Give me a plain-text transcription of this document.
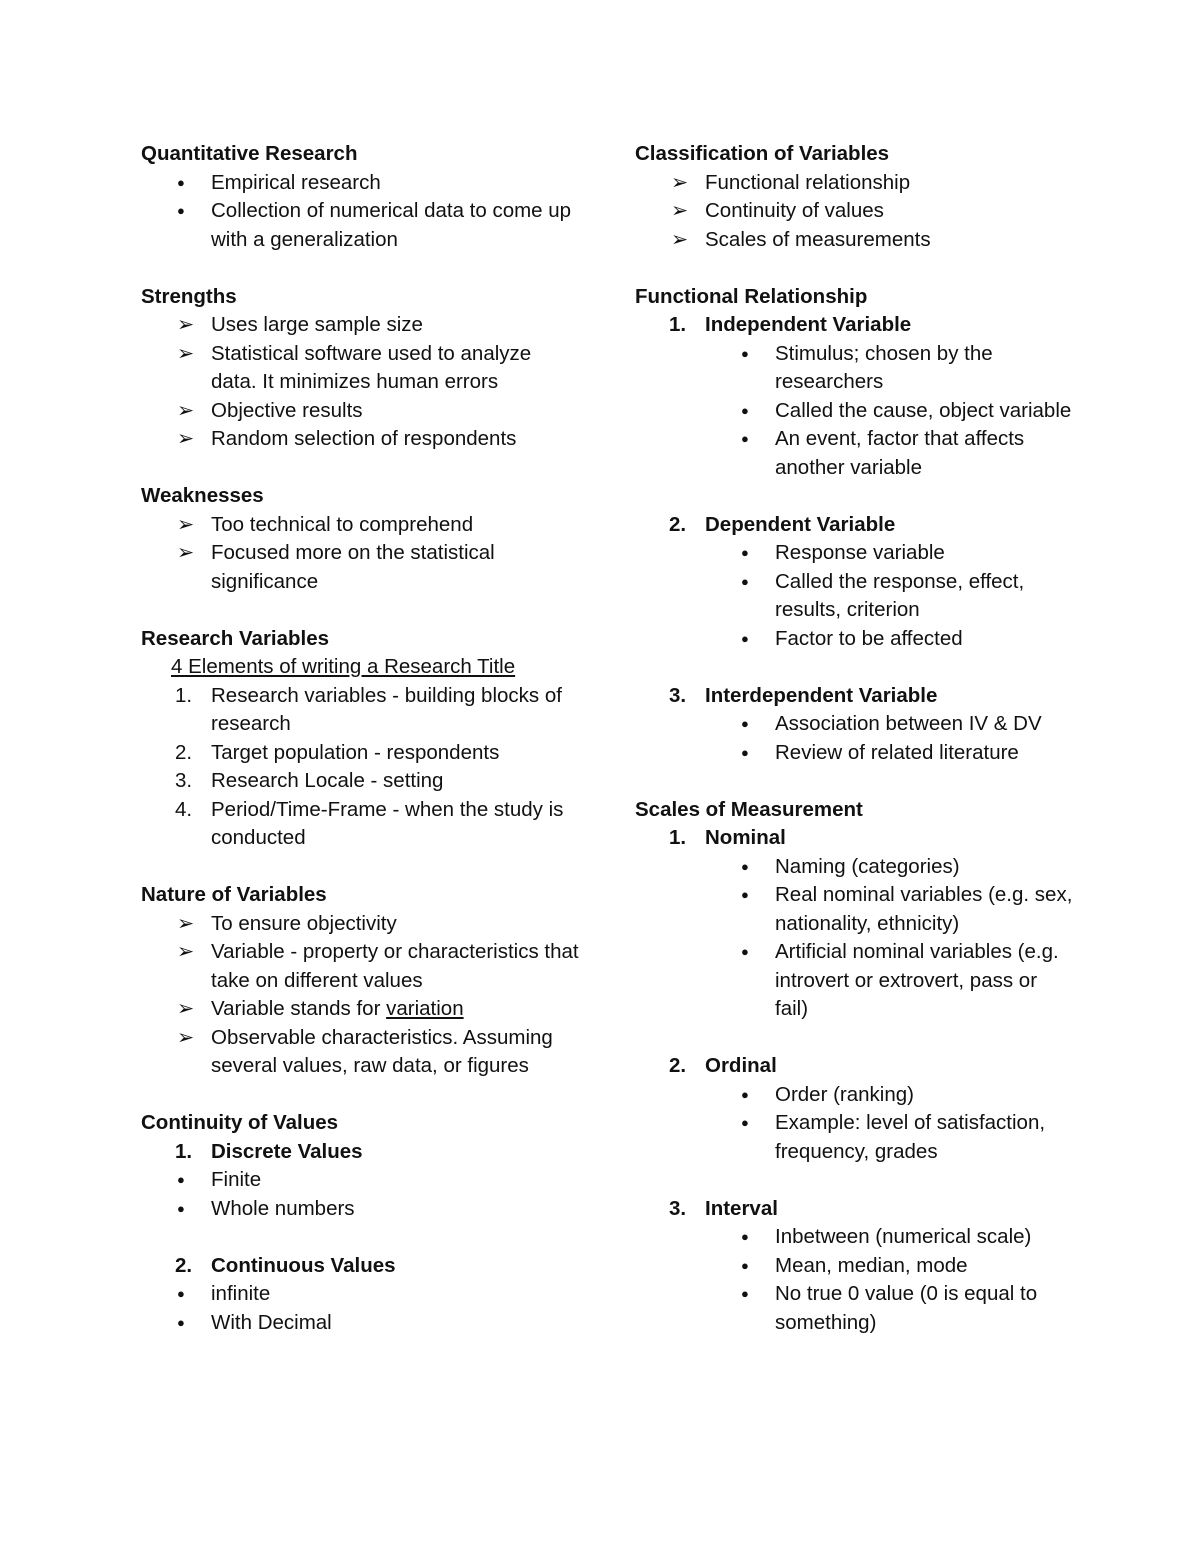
Quantitative Research
● Empirical research
● Collection of numerical data to come up with a generalization
Strengths
➢ Uses large sample size
➢ Statistical software used to analyze data. It minimizes human errors
➢ Objective results
➢ Random selection of respondents
Weaknesses
➢ Too technical to comprehend
➢ Focused more on the statistical significance
Research Variables
4 Elements of writing a Research Title
1. Research variables - building blocks of research
2. Target population - respondents
3. Research Locale - setting
4. Period/Time-Frame - when the study is conducted
Nature of Variables
➢ To ensure objectivity
➢ Variable - property or characteristics that take on different values
➢ Variable stands for variation
➢ Observable characteristics. Assuming several values, raw data, or figures
Continuity of Values
1. Discrete Values
● Finite
● Whole numbers
2. Continuous Values
● infinite
● With Decimal
Classification of Variables
➢ Functional relationship
➢ Continuity of values
➢ Scales of measurements
Functional Relationship
1. Independent Variable
● Stimulus; chosen by the researchers
● Called the cause, object variable
● An event, factor that affects another variable
2. Dependent Variable
● Response variable
● Called the response, effect, results, criterion
● Factor to be affected
3. Interdependent Variable
● Association between IV & DV
● Review of related literature
Scales of Measurement
1. Nominal
● Naming (categories)
● Real nominal variables (e.g. sex, nationality, ethnicity)
● Artificial nominal variables (e.g. introvert or extrovert, pass or fail)
2. Ordinal
● Order (ranking)
● Example: level of satisfaction, frequency, grades
3. Interval
● Inbetween (numerical scale)
● Mean, median, mode
● No true 0 value (0 is equal to something)
